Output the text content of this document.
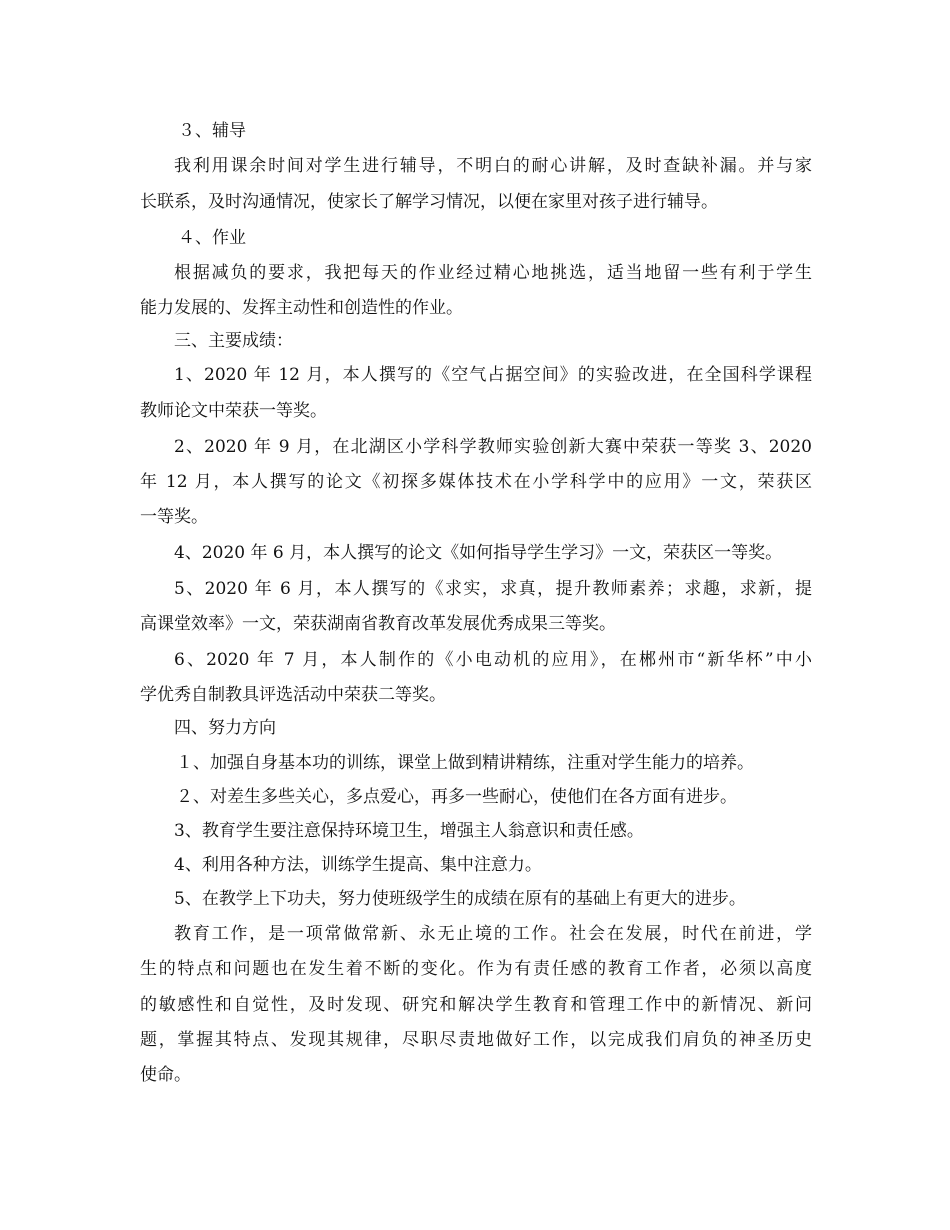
３、辅导
我利用课余时间对学生进行辅导，不明白的耐心讲解，及时查缺补漏。并与家
长联系，及时沟通情况，使家长了解学习情况，以便在家里对孩子进行辅导。
４、作业
根据减负的要求，我把每天的作业经过精心地挑选，适当地留一些有利于学生
能力发展的、发挥主动性和创造性的作业。
三、主要成绩：
1、2020 年 12 月，本人撰写的《空气占据空间》的实验改进，在全国科学课程
教师论文中荣获一等奖。
2、2020 年 9 月，在北湖区小学科学教师实验创新大赛中荣获一等奖 3、2020
年 12 月，本人撰写的论文《初探多媒体技术在小学科学中的应用》一文，荣获区
一等奖。
4、2020 年 6 月，本人撰写的论文《如何指导学生学习》一文，荣获区一等奖。
5、2020 年 6 月，本人撰写的《求实，求真，提升教师素养；求趣，求新，提
高课堂效率》一文，荣获湖南省教育改革发展优秀成果三等奖。
6、2020 年 7 月，本人制作的《小电动机的应用》，在郴州市“新华杯”中小
学优秀自制教具评选活动中荣获二等奖。
四、努力方向
１、加强自身基本功的训练，课堂上做到精讲精练，注重对学生能力的培养。
２、对差生多些关心，多点爱心，再多一些耐心，使他们在各方面有进步。
3、教育学生要注意保持环境卫生，增强主人翁意识和责任感。
4、利用各种方法，训练学生提高、集中注意力。
5、在教学上下功夫，努力使班级学生的成绩在原有的基础上有更大的进步。
教育工作，是一项常做常新、永无止境的工作。社会在发展，时代在前进，学
生的特点和问题也在发生着不断的变化。作为有责任感的教育工作者，必须以高度
的敏感性和自觉性，及时发现、研究和解决学生教育和管理工作中的新情况、新问
题，掌握其特点、发现其规律，尽职尽责地做好工作，以完成我们肩负的神圣历史
使命。
